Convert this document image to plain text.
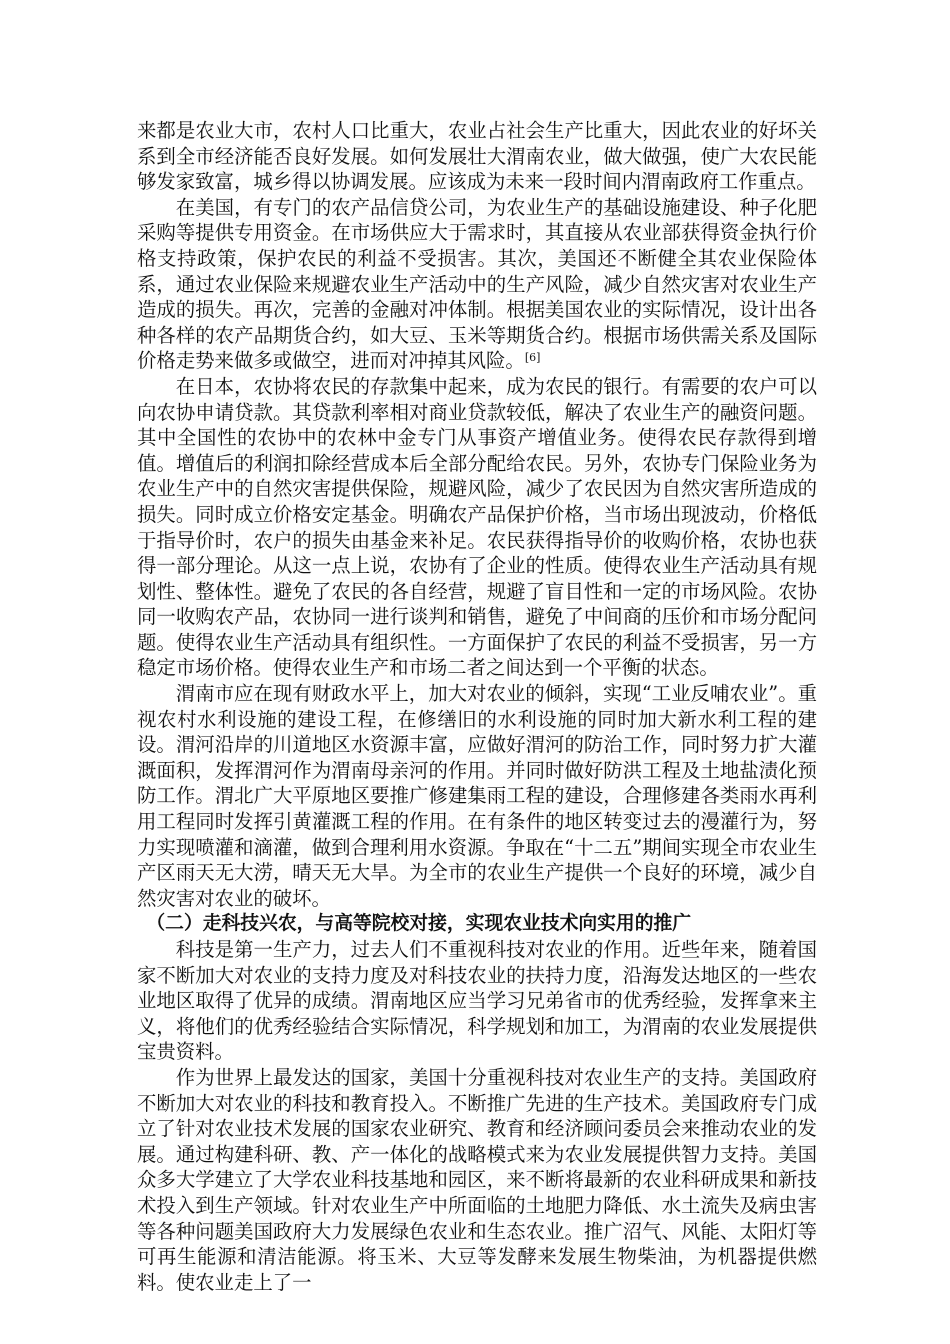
来都是农业大市，农村人口比重大，农业占社会生产比重大，因此农业的好坏关系到全市经济能否良好发展。如何发展壮大渭南农业，做大做强，使广大农民能够发家致富，城乡得以协调发展。应该成为未来一段时间内渭南政府工作重点。

在美国，有专门的农产品信贷公司，为农业生产的基础设施建设、种子化肥采购等提供专用资金。在市场供应大于需求时，其直接从农业部获得资金执行价格支持政策，保护农民的利益不受损害。其次，美国还不断健全其农业保险体系，通过农业保险来规避农业生产活动中的生产风险，减少自然灾害对农业生产造成的损失。再次，完善的金融对冲体制。根据美国农业的实际情况，设计出各种各样的农产品期货合约，如大豆、玉米等期货合约。根据市场供需关系及国际价格走势来做多或做空，进而对冲掉其风险。[6]

在日本，农协将农民的存款集中起来，成为农民的银行。有需要的农户可以向农协申请贷款。其贷款利率相对商业贷款较低，解决了农业生产的融资问题。其中全国性的农协中的农林中金专门从事资产增值业务。使得农民存款得到增值。增值后的利润扣除经营成本后全部分配给农民。另外，农协专门保险业务为农业生产中的自然灾害提供保险，规避风险，减少了农民因为自然灾害所造成的损失。同时成立价格安定基金。明确农产品保护价格，当市场出现波动，价格低于指导价时，农户的损失由基金来补足。农民获得指导价的收购价格，农协也获得一部分理论。从这一点上说，农协有了企业的性质。使得农业生产活动具有规划性、整体性。避免了农民的各自经营，规避了盲目性和一定的市场风险。农协同一收购农产品，农协同一进行谈判和销售，避免了中间商的压价和市场分配问题。使得农业生产活动具有组织性。一方面保护了农民的利益不受损害，另一方稳定市场价格。使得农业生产和市场二者之间达到一个平衡的状态。

渭南市应在现有财政水平上，加大对农业的倾斜，实现“工业反哺农业”。重视农村水利设施的建设工程，在修缮旧的水利设施的同时加大新水利工程的建设。渭河沿岸的川道地区水资源丰富，应做好渭河的防治工作，同时努力扩大灌溉面积，发挥渭河作为渭南母亲河的作用。并同时做好防洪工程及土地盐渍化预防工作。渭北广大平原地区要推广修建集雨工程的建设，合理修建各类雨水再利用工程同时发挥引黄灌溉工程的作用。在有条件的地区转变过去的漫灌行为，努力实现喷灌和滴灌，做到合理利用水资源。争取在“十二五”期间实现全市农业生产区雨天无大涝，晴天无大旱。为全市的农业生产提供一个良好的环境，减少自然灾害对农业的破坏。

（二）走科技兴农，与高等院校对接，实现农业技术向实用的推广

科技是第一生产力，过去人们不重视科技对农业的作用。近些年来，随着国家不断加大对农业的支持力度及对科技农业的扶持力度，沿海发达地区的一些农业地区取得了优异的成绩。渭南地区应当学习兄弟省市的优秀经验，发挥拿来主义，将他们的优秀经验结合实际情况，科学规划和加工，为渭南的农业发展提供宝贵资料。

作为世界上最发达的国家，美国十分重视科技对农业生产的支持。美国政府不断加大对农业的科技和教育投入。不断推广先进的生产技术。美国政府专门成立了针对农业技术发展的国家农业研究、教育和经济顾问委员会来推动农业的发展。通过构建科研、教、产一体化的战略模式来为农业发展提供智力支持。美国众多大学建立了大学农业科技基地和园区，来不断将最新的农业科研成果和新技术投入到生产领域。针对农业生产中所面临的土地肥力降低、水土流失及病虫害等各种问题美国政府大力发展绿色农业和生态农业。推广沼气、风能、太阳灯等可再生能源和清洁能源。将玉米、大豆等发酵来发展生物柴油，为机器提供燃料。使农业走上了一
